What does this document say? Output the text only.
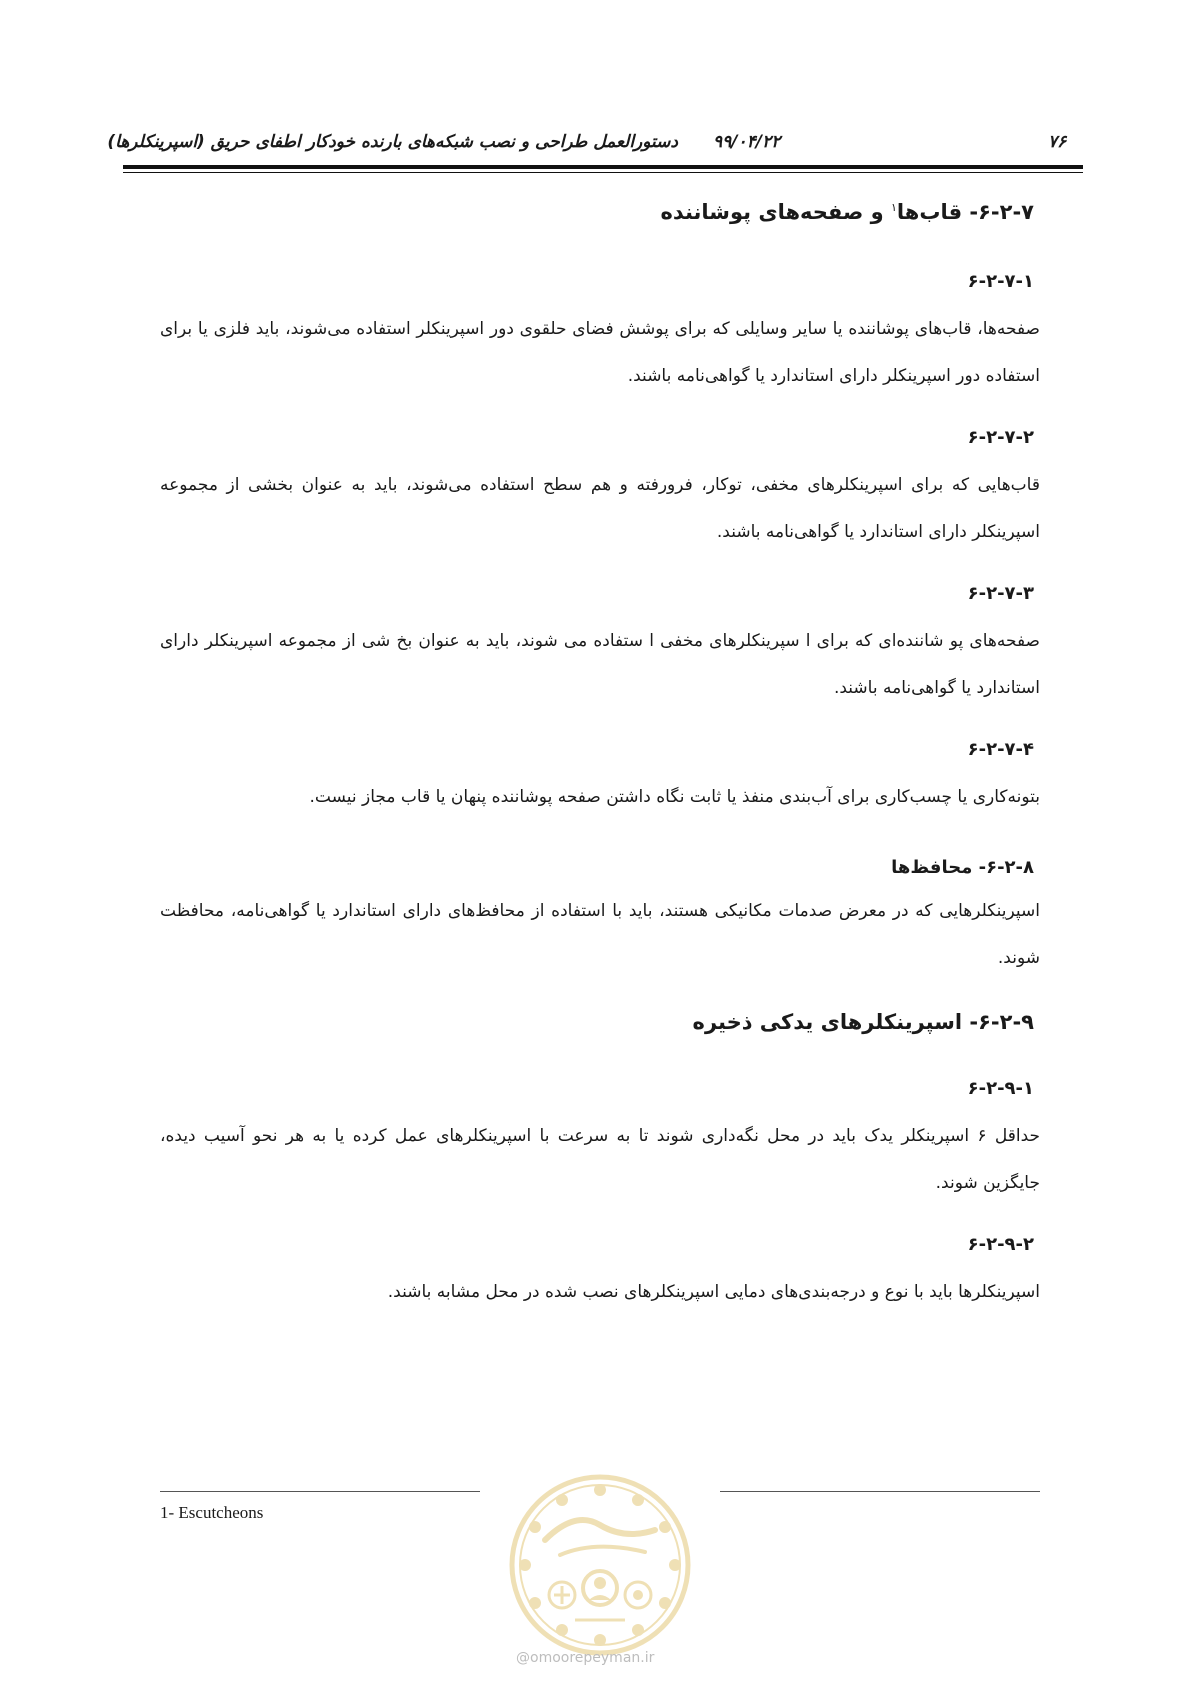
۷۶
۹۹/۰۴/۲۲
دستورالعمل طراحی و نصب شبکه‌های بارنده خودکار اطفای حریق (اسپرینکلرها)
۶-۲-۷- قاب‌ها$^۱$ و صفحه‌های پوشاننده
۶-۲-۷-۱
صفحه‌ها، قاب‌های پوشاننده یا سایر وسایلی که برای پوشش فضای حلقوی دور اسپرینکلر استفاده می‌شوند، باید فلزی یا برای استفاده دور اسپرینکلر دارای استاندارد یا گواهی‌نامه باشند.
۶-۲-۷-۲
قاب‌هایی که برای اسپرینکلرهای مخفی، توکار، فرورفته و هم سطح استفاده می‌شوند، باید به عنوان بخشی از مجموعه اسپرینکلر دارای استاندارد یا گواهی‌نامه باشند.
۶-۲-۷-۳
صفحه‌های پو شاننده‌ای که برای ا سپرینکلرهای مخفی ا ستفاده می شوند، باید به عنوان بخ شی از مجموعه اسپرینکلر دارای استاندارد یا گواهی‌نامه باشند.
۶-۲-۷-۴
بتونه‌کاری یا چسب‌کاری برای آب‌بندی منفذ یا ثابت نگاه داشتن صفحه پوشاننده پنهان یا قاب مجاز نیست.
۶-۲-۸- محافظ‌ها
اسپرینکلرهایی که در معرض صدمات مکانیکی هستند، باید با استفاده از محافظ‌های دارای استاندارد یا گواهی‌نامه، محافظت شوند.
۶-۲-۹- اسپرینکلرهای یدکی ذخیره
۶-۲-۹-۱
حداقل ۶ اسپرینکلر یدک باید در محل نگه‌داری شوند تا به سرعت با اسپرینکلرهای عمل کرده یا به هر نحو آسیب دیده، جایگزین شوند.
۶-۲-۹-۲
اسپرینکلرها باید با نوع و درجه‌بندی‌های دمایی اسپرینکلرهای نصب شده در محل مشابه باشند.
1- Escutcheons
@omoorepeyman.ir
